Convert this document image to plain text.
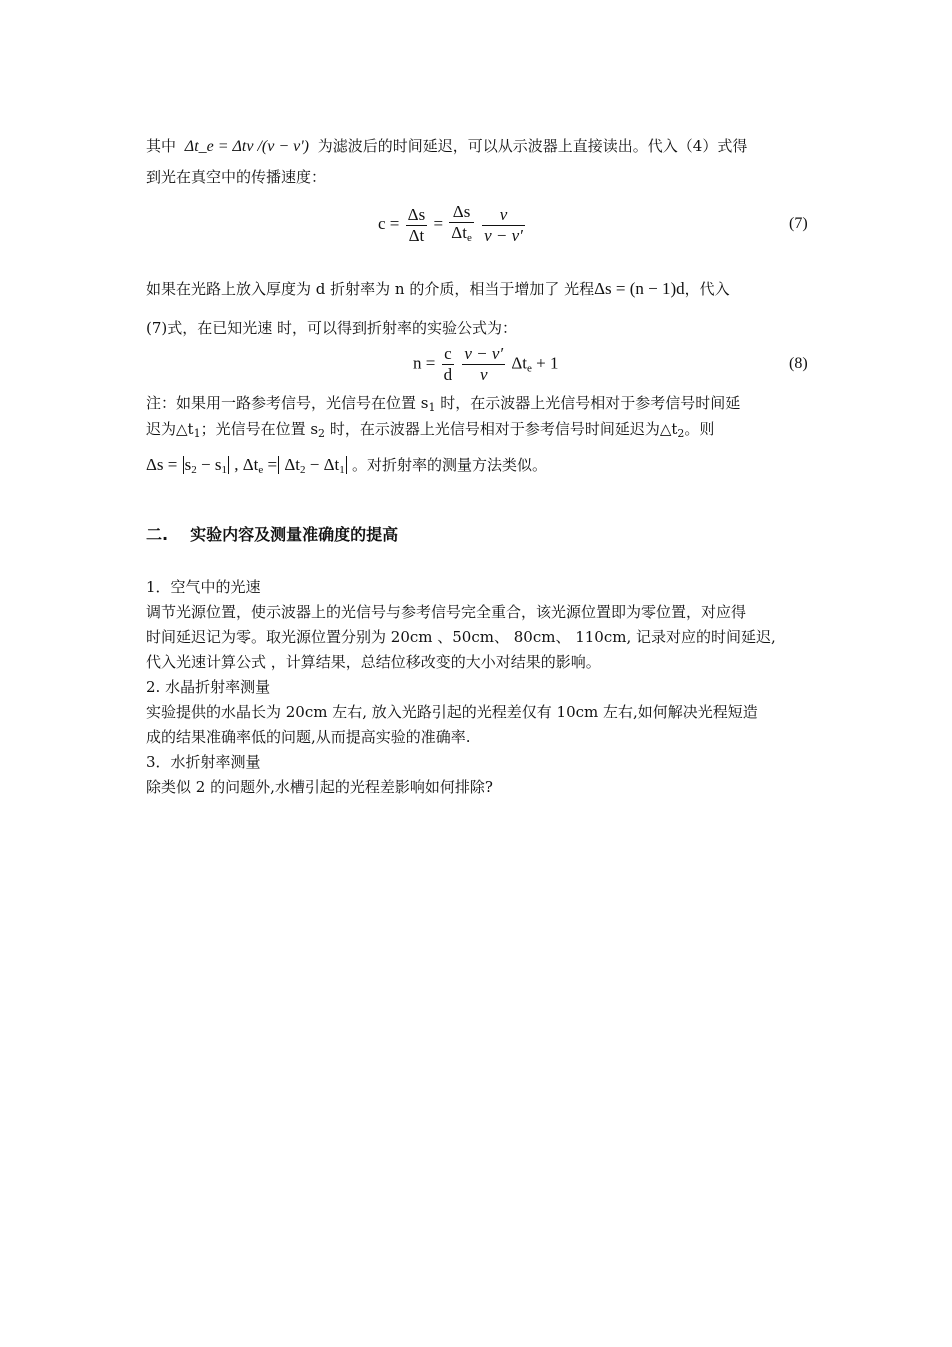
其中 Δt_e = Δtν /(ν − ν') 为滤波后的时间延迟，可以从示波器上直接读出。代入（4）式得
到光在真空中的传播速度：
$c = \frac{\Delta s}{\Delta t} = \frac{\Delta s}{\Delta t_e}$
$\frac{\nu}{\nu - \nu'}$	(7)
如果在光路上放入厚度为 d 折射率为 n 的介质，相当于增加了 光程Δs = (n − 1)d，代入
(7)式，在已知光速 时，可以得到折射率的实验公式为：
$n = \frac{c}{d}$
$\frac{\nu - \nu'}{\nu} \Delta t_e + 1$	(8)
注：如果用一路参考信号，光信号在位置 $s_1$ 时，在示波器上光信号相对于参考信号时间延
迟为$\triangle t_1$；光信号在位置 $s_2$ 时，在示波器上光信号相对于参考信号时间延迟为$\triangle t_2$。则
$\Delta s = s_2 - s_1$ , $\Delta t_e = \Delta t_2 - \Delta t_1$ 。对折射率的测量方法类似。
二. 实验内容及测量准确度的提高
1．空气中的光速
调节光源位置，使示波器上的光信号与参考信号完全重合，该光源位置即为零位置，对应得
时间延迟记为零。取光源位置分别为 20cm 、50cm、 80cm、 110cm, 记录对应的时间延迟,
代入光速计算公式 ，计算结果，总结位移改变的大小对结果的影响。
2. 水晶折射率测量
实验提供的水晶长为 20cm 左右, 放入光路引起的光程差仅有 10cm 左右,如何解决光程短造
成的结果准确率低的问题,从而提高实验的准确率.
3．水折射率测量
除类似 2 的问题外,水槽引起的光程差影响如何排除?
